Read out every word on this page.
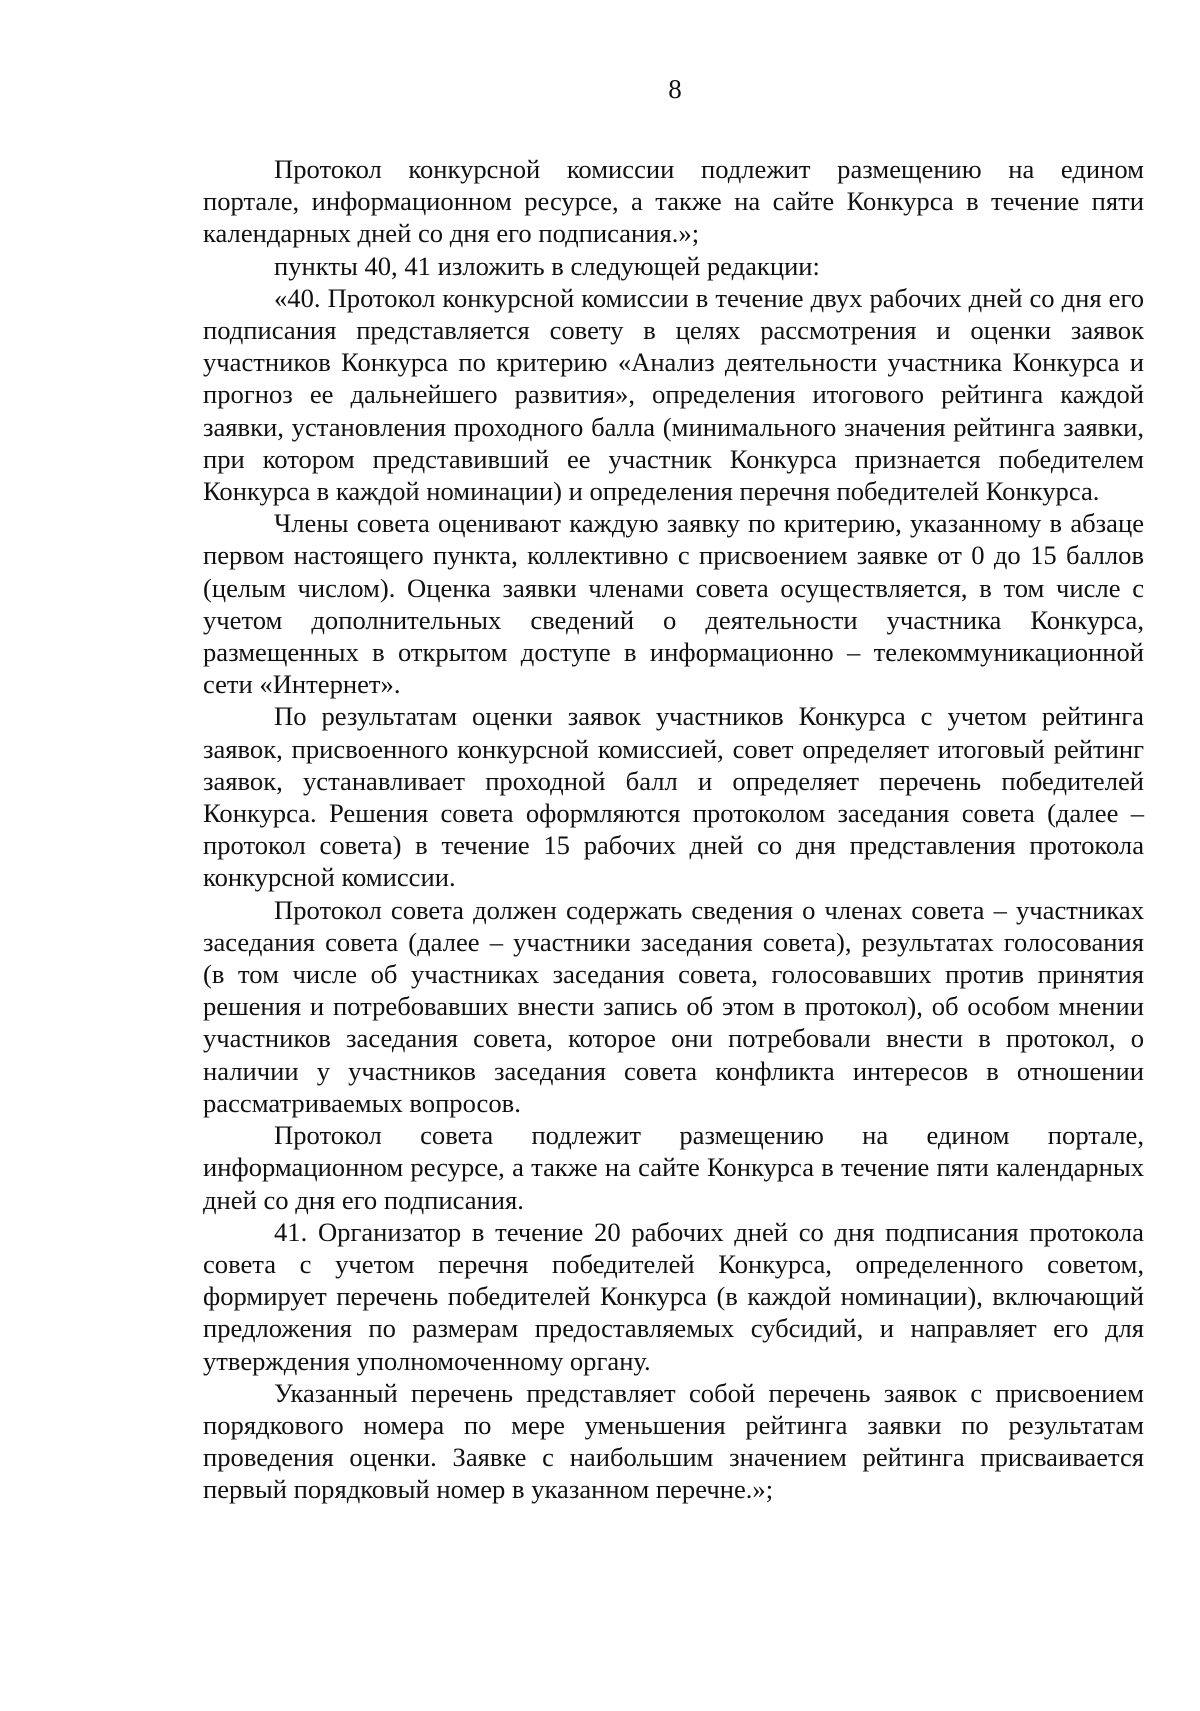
8

Протокол конкурсной комиссии подлежит размещению на едином

портале, информационном ресурсе, а также на сайте Конкурса в течение пяти календарных дней со дня его подписания.»;

пункты 40, 41 изложить в следующей редакции:

«40. Протокол конкурсной комиссии в течение двух рабочих дней со дня его подписания представляется совету в целях рассмотрения и оценки заявок участников Конкурса по критерию «Анализ деятельности участника Конкурса и прогноз ее дальнейшего развития», определения итогового рейтинга каждой заявки, установления проходного балла (минимального значения рейтинга заявки, при котором представивший ее участник Конкурса признается победителем Конкурса в каждой номинации) и определения перечня победителей Конкурса.

Члены совета оценивают каждую заявку по критерию, указанному в абзаце первом настоящего пункта, коллективно с присвоением заявке от 0 до 15 баллов (целым числом). Оценка заявки членами совета осуществляется, в том числе с учетом дополнительных сведений о деятельности участника Конкурса, размещенных в открытом доступе в информационно – телекоммуникационной сети «Интернет».

По результатам оценки заявок участников Конкурса с учетом рейтинга заявок, присвоенного конкурсной комиссией, совет определяет итоговый рейтинг заявок, устанавливает проходной балл и определяет перечень победителей Конкурса. Решения совета оформляются протоколом заседания совета (далее – протокол совета) в течение 15 рабочих дней со дня представления протокола конкурсной комиссии.

Протокол совета должен содержать сведения о членах совета – участниках заседания совета (далее – участники заседания совета), результатах голосования (в том числе об участниках заседания совета, голосовавших против принятия решения и потребовавших внести запись об этом в протокол), об особом мнении участников заседания совета, которое они потребовали внести в протокол, о наличии у участников заседания совета конфликта интересов в отношении рассматриваемых вопросов.

Протокол совета подлежит размещению на едином портале, информационном ресурсе, а также на сайте Конкурса в течение пяти календарных дней со дня его подписания.

41. Организатор в течение 20 рабочих дней со дня подписания протокола совета с учетом перечня победителей Конкурса, определенного советом, формирует перечень победителей Конкурса (в каждой номинации), включающий предложения по размерам предоставляемых субсидий, и направляет его для утверждения уполномоченному органу.

Указанный перечень представляет собой перечень заявок с присвоением порядкового номера по мере уменьшения рейтинга заявки по результатам проведения оценки. Заявке с наибольшим значением рейтинга присваивается первый порядковый номер в указанном перечне.»;
